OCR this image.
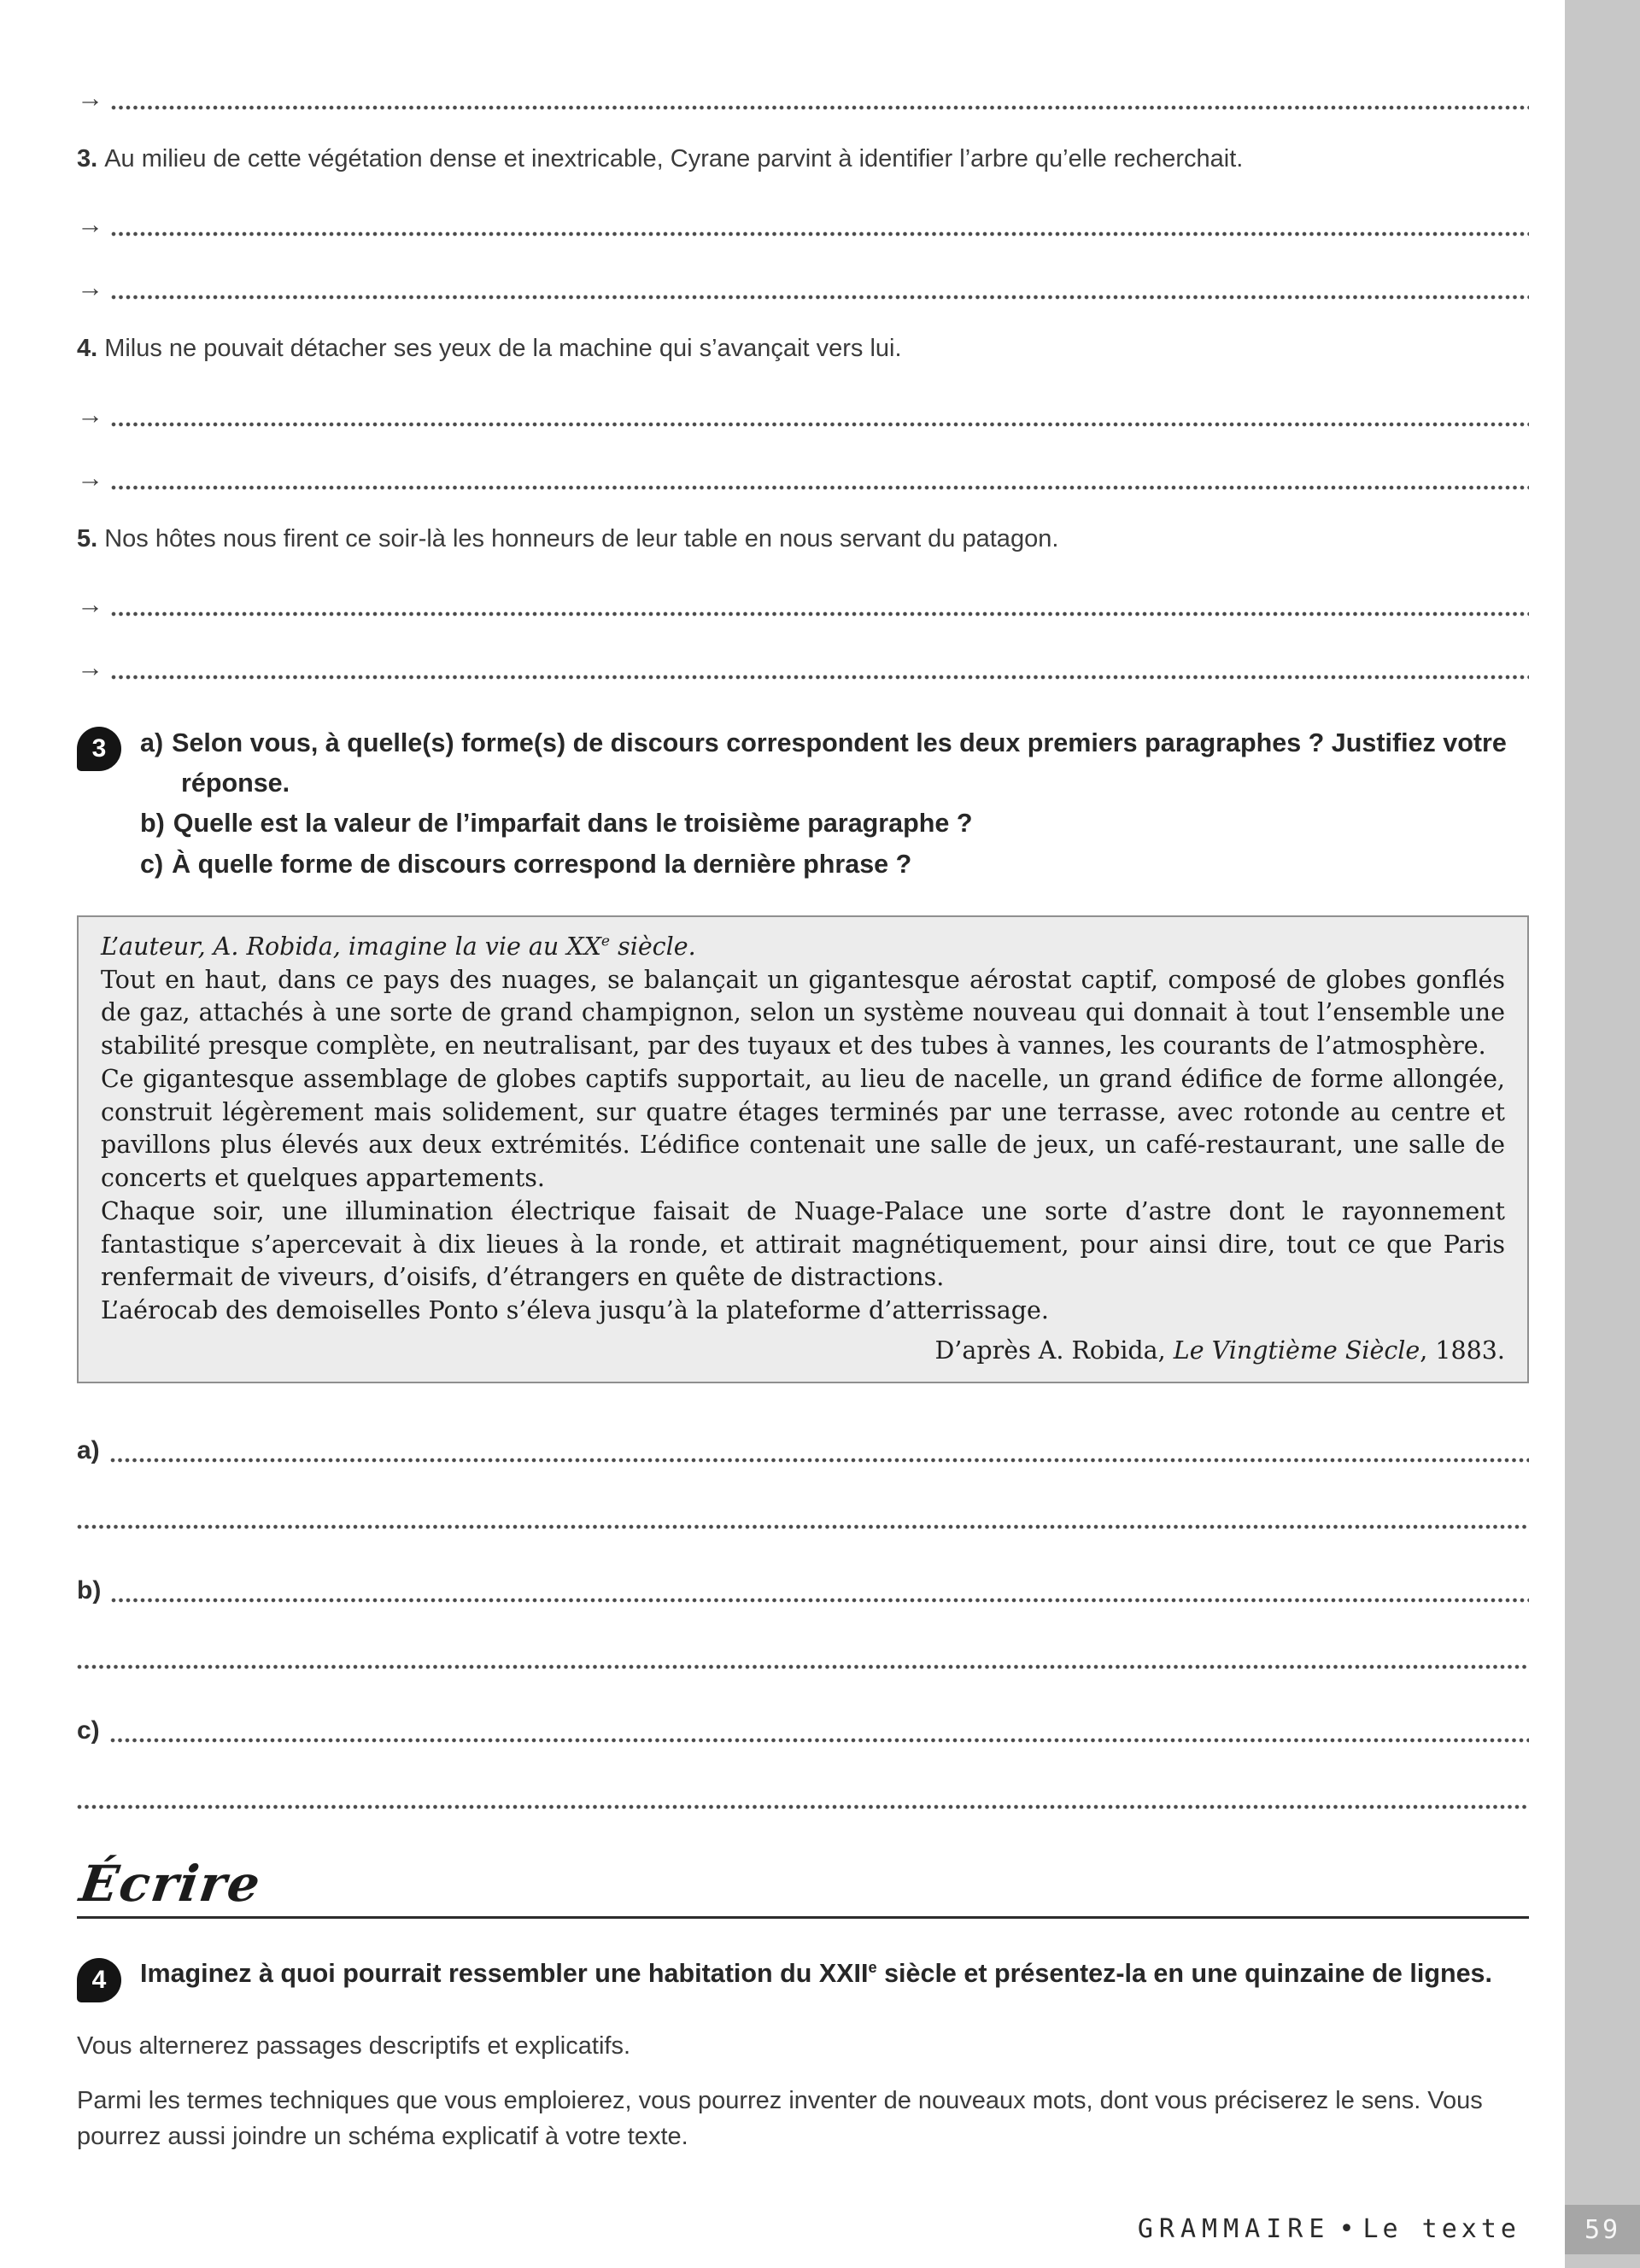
59
→

3. Au milieu de cette végétation dense et inextricable, Cyrane parvint à identifier l’arbre qu’elle recherchait.

→
→

4. Milus ne pouvait détacher ses yeux de la machine qui s’avançait vers lui.

→
→

5. Nos hôtes nous firent ce soir-là les honneurs de leur table en nous servant du patagon.

→
→
3	a) Selon vous, à quelle(s) forme(s) de discours correspondent les deux premiers paragraphes ? Justifiez votre réponse.
b) Quelle est la valeur de l’imparfait dans le troisième paragraphe ?
c) À quelle forme de discours correspond la dernière phrase ?

L’auteur, A. Robida, imagine la vie au XXe siècle.

Tout en haut, dans ce pays des nuages, se balançait un gigantesque aérostat captif, composé de globes gonflés de gaz, attachés à une sorte de grand champignon, selon un système nouveau qui donnait à tout l’ensemble une stabilité presque complète, en neutralisant, par des tuyaux et des tubes à vannes, les courants de l’atmosphère.

Ce gigantesque assemblage de globes captifs supportait, au lieu de nacelle, un grand édifice de forme allongée, construit légèrement mais solidement, sur quatre étages terminés par une terrasse, avec rotonde au centre et pavillons plus élevés aux deux extrémités. L’édifice contenait une salle de jeux, un café-restaurant, une salle de concerts et quelques appartements.

Chaque soir, une illumination électrique faisait de Nuage-Palace une sorte d’astre dont le rayonnement fantastique s’apercevait à dix lieues à la ronde, et attirait magnétiquement, pour ainsi dire, tout ce que Paris renfermait de viveurs, d’oisifs, d’étrangers en quête de distractions.

L’aérocab des demoiselles Ponto s’éleva jusqu’à la plateforme d’atterrissage.

D’après A. Robida, Le Vingtième Siècle, 1883.

a)
b)
c)
Écrire
4	Imaginez à quoi pourrait ressembler une habitation du XXIIe siècle et présentez-la en une quinzaine de lignes.

Vous alternerez passages descriptifs et explicatifs.

Parmi les termes techniques que vous emploierez, vous pourrez inventer de nouveaux mots, dont vous préciserez le sens. Vous pourrez aussi joindre un schéma explicatif à votre texte.

GRAMMAIRE • Le texte
